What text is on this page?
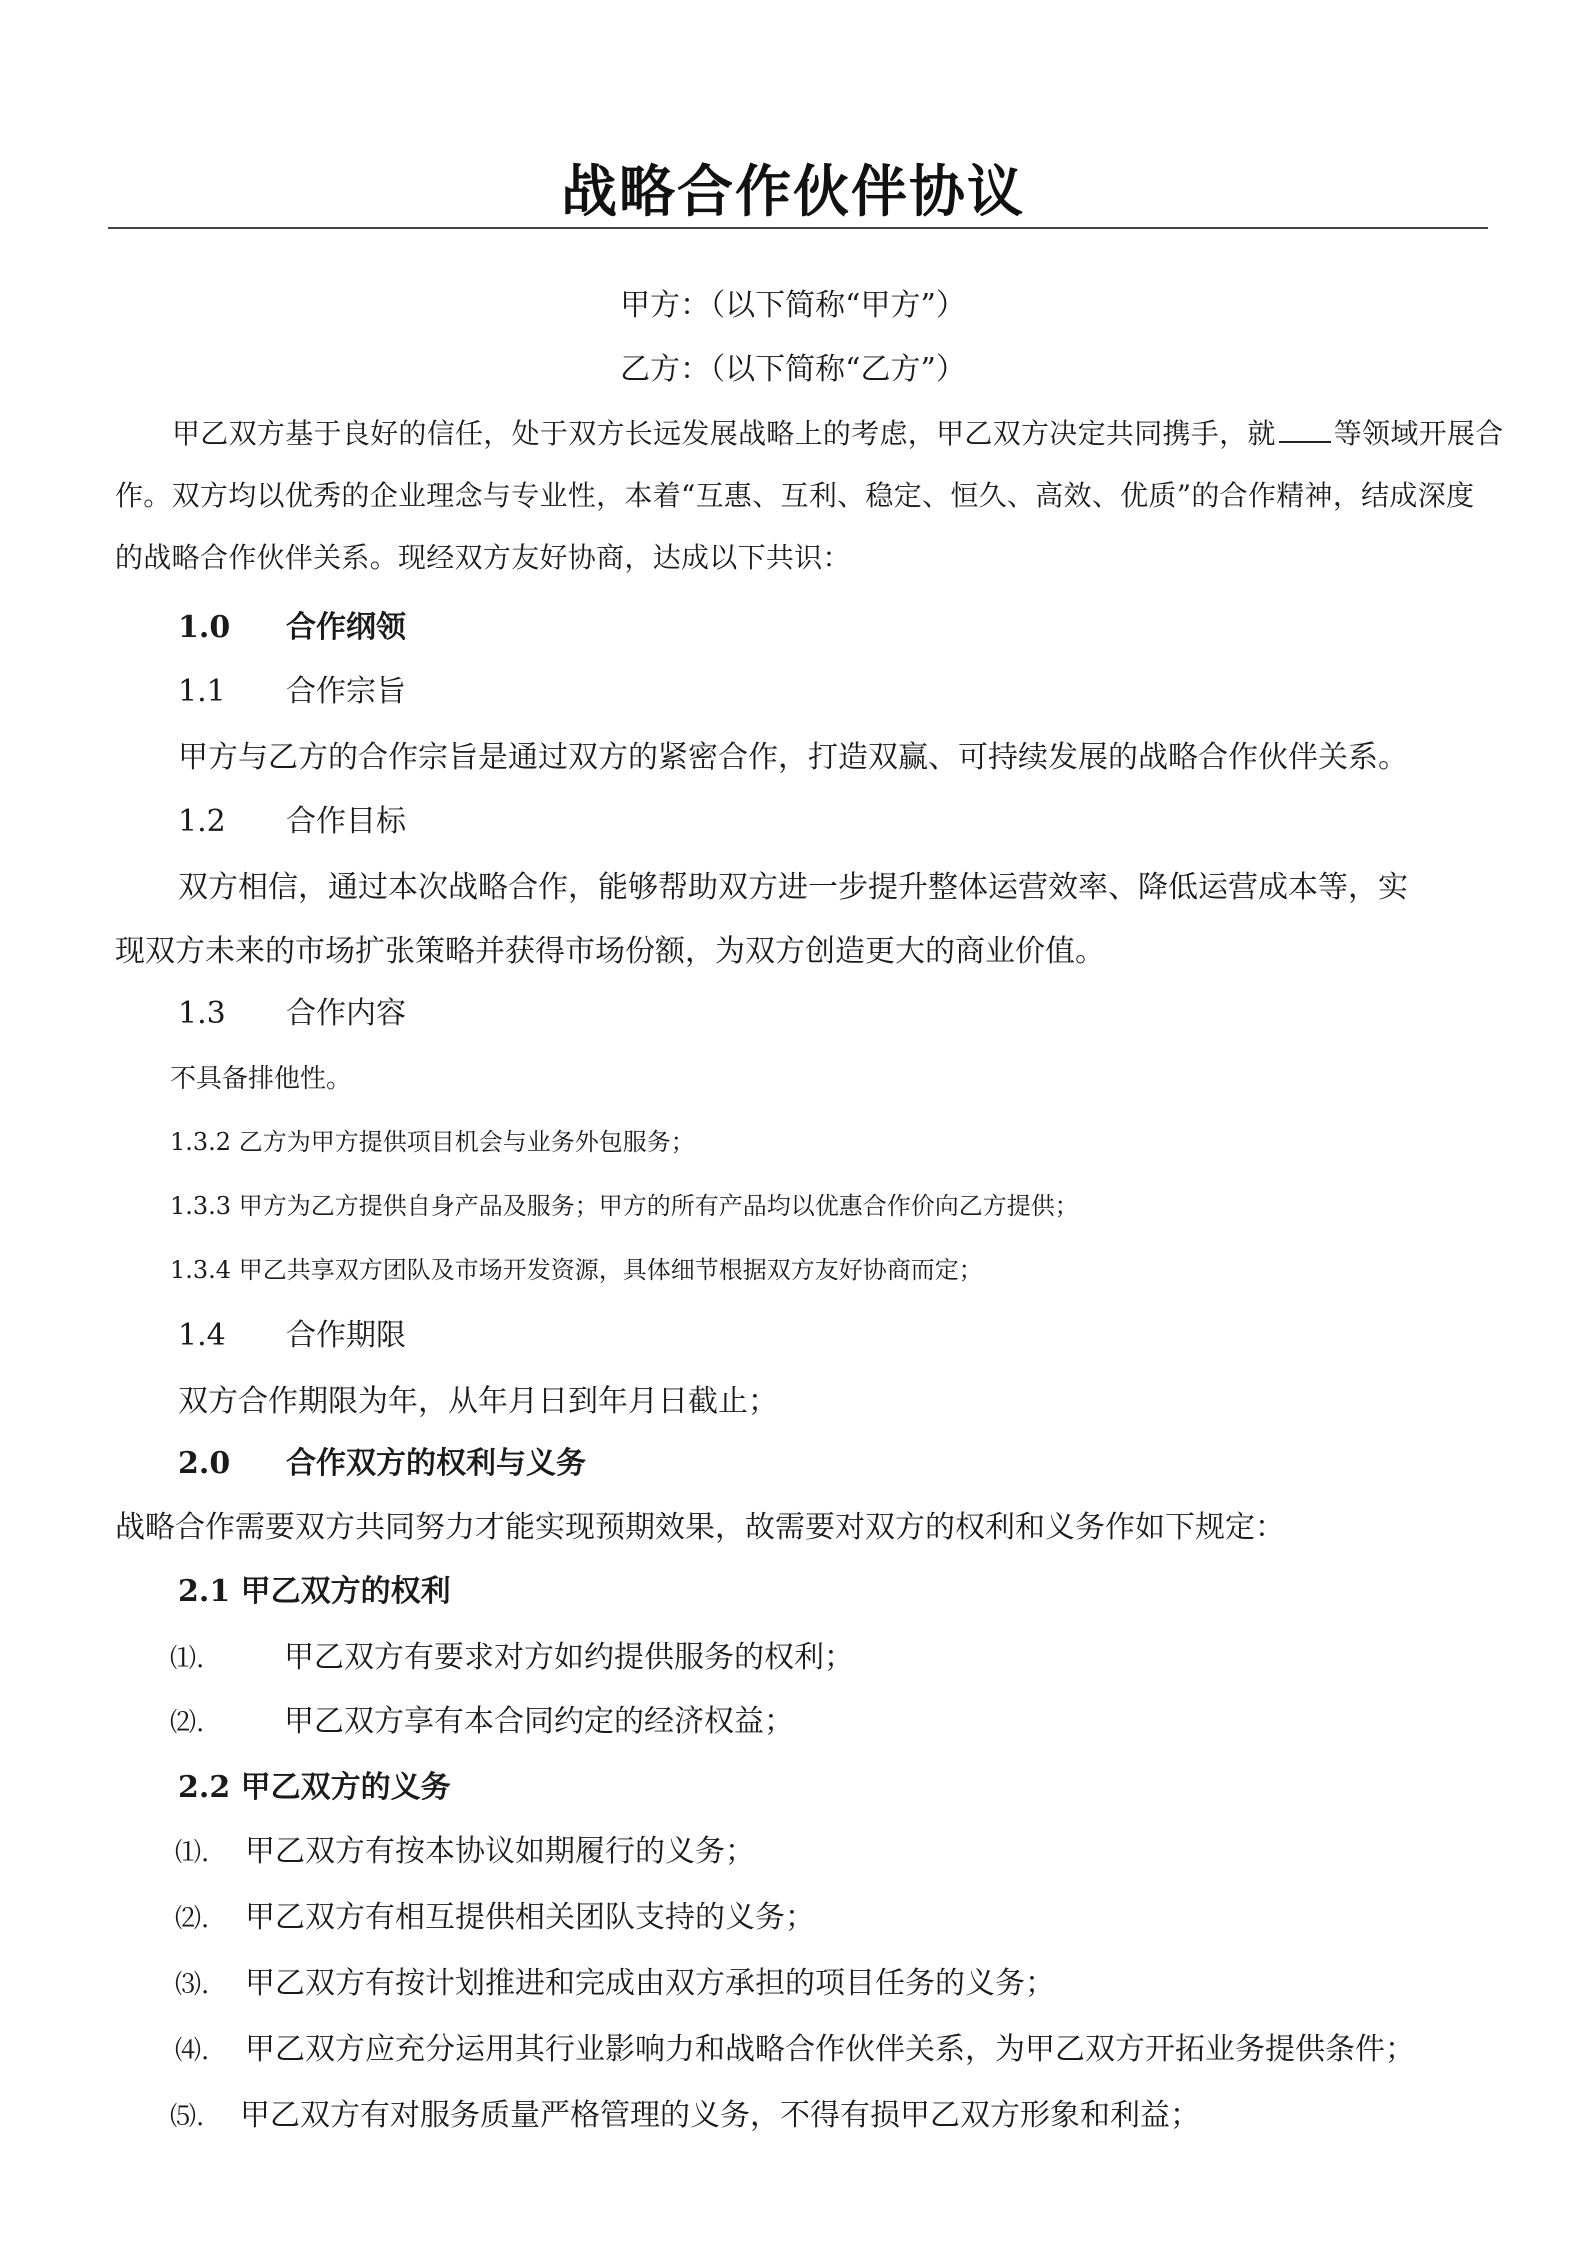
战略合作伙伴协议
甲方：（以下简称“甲方”）
乙方：（以下简称“乙方”）
甲乙双方基于良好的信任，处于双方长远发展战略上的考虑，甲乙双方决定共同携手，就 等领域开展合
作。双方均以优秀的企业理念与专业性，本着“互惠、互利、稳定、恒久、高效、优质”的合作精神，结成深度
的战略合作伙伴关系。现经双方友好协商，达成以下共识：
1.0 合作纲领
1.1 合作宗旨
甲方与乙方的合作宗旨是通过双方的紧密合作，打造双赢、可持续发展的战略合作伙伴关系。
1.2 合作目标
双方相信，通过本次战略合作，能够帮助双方进一步提升整体运营效率、降低运营成本等，实
现双方未来的市场扩张策略并获得市场份额，为双方创造更大的商业价值。
1.3 合作内容
不具备排他性。
1.3.2 乙方为甲方提供项目机会与业务外包服务；
1.3.3 甲方为乙方提供自身产品及服务；甲方的所有产品均以优惠合作价向乙方提供；
1.3.4 甲乙共享双方团队及市场开发资源，具体细节根据双方友好协商而定；
1.4 合作期限
双方合作期限为年，从年月日到年月日截止；
2.0 合作双方的权利与义务
战略合作需要双方共同努力才能实现预期效果，故需要对双方的权利和义务作如下规定：
2.1 甲乙双方的权利
⑴.	甲乙双方有要求对方如约提供服务的权利；
⑵.	甲乙双方享有本合同约定的经济权益；
2.2 甲乙双方的义务
⑴. 甲乙双方有按本协议如期履行的义务；
⑵. 甲乙双方有相互提供相关团队支持的义务；
⑶. 甲乙双方有按计划推进和完成由双方承担的项目任务的义务；
⑷. 甲乙双方应充分运用其行业影响力和战略合作伙伴关系，为甲乙双方开拓业务提供条件；
⑸. 甲乙双方有对服务质量严格管理的义务，不得有损甲乙双方形象和利益；
